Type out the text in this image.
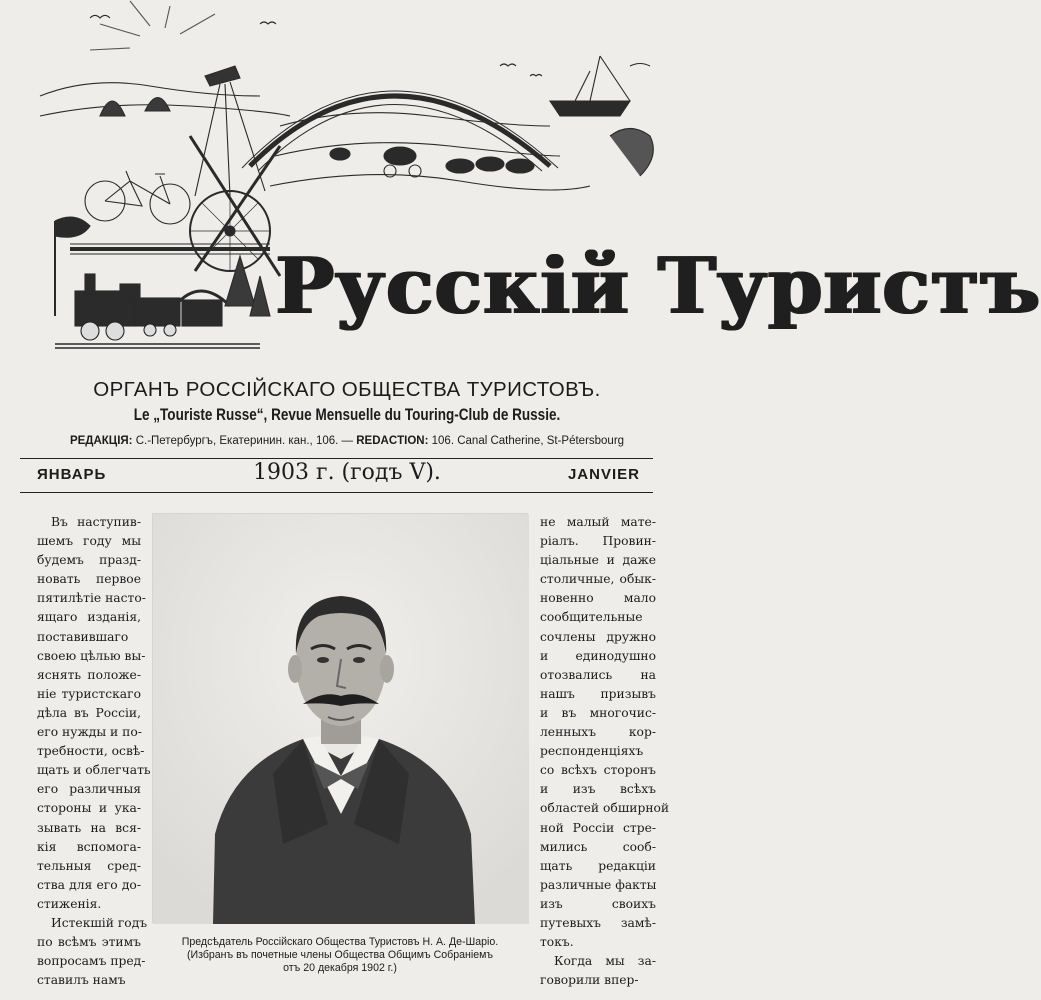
Русскій Туристъ
ОРГАНЪ РОССІЙСКАГО ОБЩЕСТВА ТУРИСТОВЪ.
Le „Touriste Russe“, Revue Mensuelle du Touring-Club de Russie.
РЕДАКЦІЯ: С.-Петербургъ, Екатеринин. кан., 106. — REDACTION: 106. Canal Catherine, St-Pétersbourg
ЯНВАРЬ	1903 г. (годъ V).	JANVIER
Въ наступив-
шемъ году мы
будемъ празд-
новать первое
пятилѣтіе насто-
ящаго изданія,
поставившаго
своею цѣлью вы-
яснять положе-
ніе туристскаго
дѣла въ Россіи,
его нужды и по-
требности, освѣ-
щать и облегчать
его различныя
стороны и ука-
зывать на вся-
кія вспомога-
тельныя сред-
ства для его до-
стиженія.
Истекшій годъ
по всѣмъ этимъ
вопросамъ пред-
ставилъ намъ
не малый мате-
ріалъ. Провин-
ціальные и даже
столичные, обык-
новенно мало
сообщительные
сочлены дружно
и единодушно
отозвались на
нашъ призывъ
и въ многочис-
ленныхъ кор-
респонденціяхъ
со всѣхъ сторонъ
и изъ всѣхъ
областей обширной
ной Россіи стре-
мились сооб-
щать редакціи
различные факты
изъ своихъ
путевыхъ замѣ-
токъ.
Когда мы за-
говорили впер-
Предсѣдатель Россійскаго Общества Туристовъ Н. А. Де-Шаріо.
(Избранъ въ почетные члены Общества Общимъ Собраніемъ
отъ 20 декабря 1902 г.)
